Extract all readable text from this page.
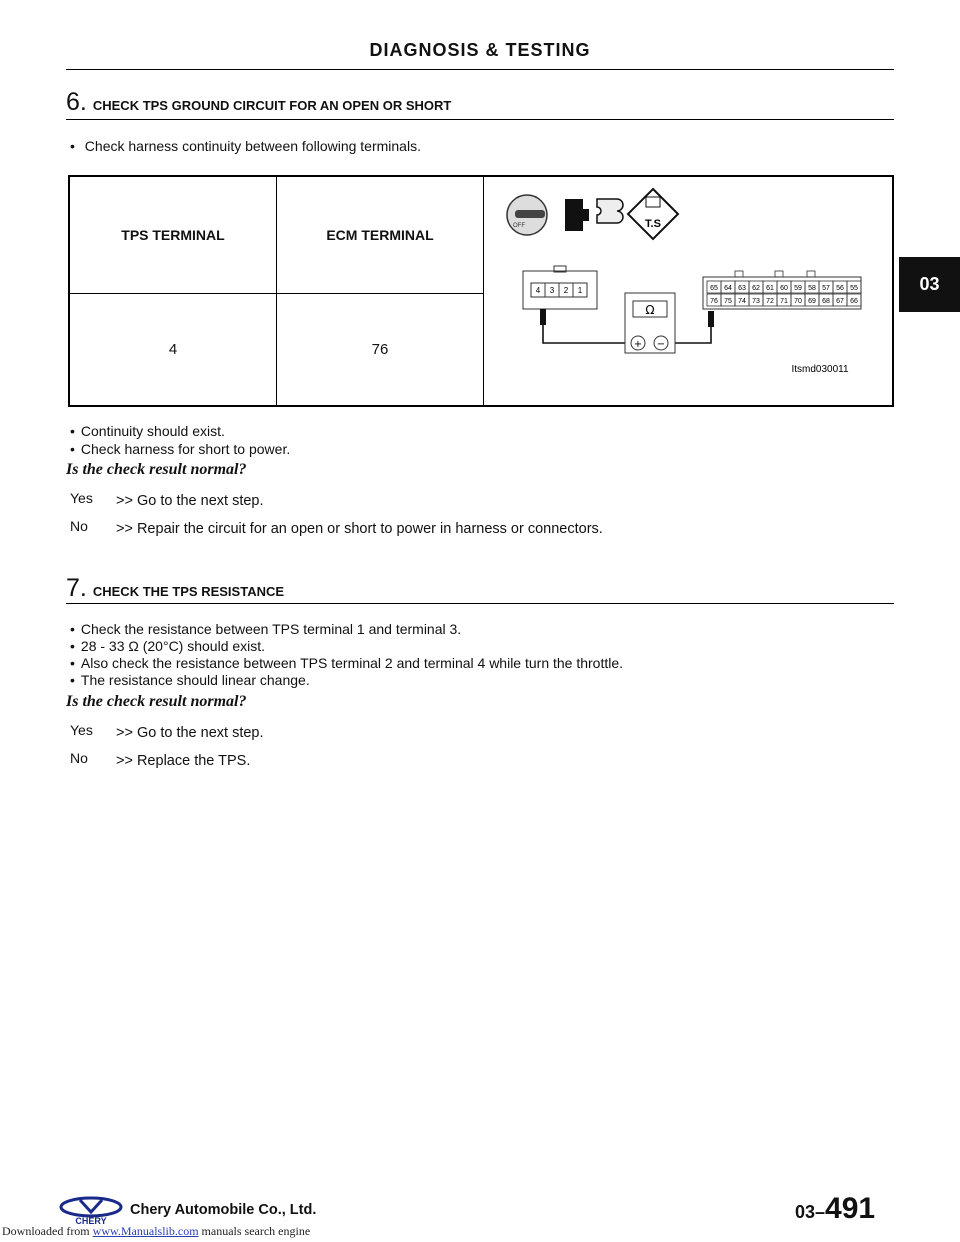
DIAGNOSIS & TESTING
03
6. CHECK TPS GROUND CIRCUIT FOR AN OPEN OR SHORT
• Check harness continuity between following terminals.
TPS TERMINAL	ECM TERMINAL
4	76
OFF	T.S
4 3 2 1	65 64 63 62 61 60 59 58 57 56 55
76 75 74 73 72 71 70 69 68 67 66
Ω
+ −
Itsmd030011
• Continuity should exist.
• Check harness for short to power.
Is the check result normal?
Yes >> Go to the next step.
No >> Repair the circuit for an open or short to power in harness or connectors.
7. CHECK THE TPS RESISTANCE
• Check the resistance between TPS terminal 1 and terminal 3.
• 28 - 33 Ω (20°C) should exist.
• Also check the resistance between TPS terminal 2 and terminal 4 while turn the throttle.
• The resistance should linear change.
Is the check result normal?
Yes >> Go to the next step.
No >> Replace the TPS.
CHERY
Chery Automobile Co., Ltd.	03–491
Downloaded from www.Manualslib.com manuals search engine
